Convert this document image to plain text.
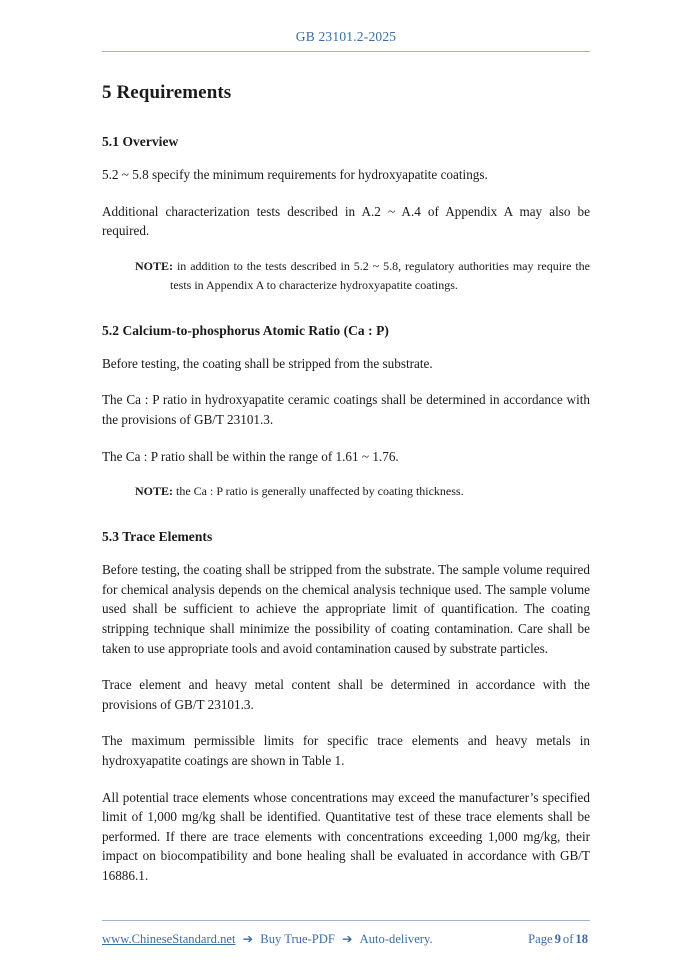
GB 23101.2-2025
5 Requirements
5.1 Overview

5.2 ~ 5.8 specify the minimum requirements for hydroxyapatite coatings.

Additional characterization tests described in A.2 ~ A.4 of Appendix A may also be required.

NOTE: in addition to the tests described in 5.2 ~ 5.8, regulatory authorities may require the tests in Appendix A to characterize hydroxyapatite coatings.

5.2 Calcium-to-phosphorus Atomic Ratio (Ca : P)

Before testing, the coating shall be stripped from the substrate.

The Ca : P ratio in hydroxyapatite ceramic coatings shall be determined in accordance with the provisions of GB/T 23101.3.

The Ca : P ratio shall be within the range of 1.61 ~ 1.76.

NOTE: the Ca : P ratio is generally unaffected by coating thickness.

5.3 Trace Elements

Before testing, the coating shall be stripped from the substrate. The sample volume required for chemical analysis depends on the chemical analysis technique used. The sample volume used shall be sufficient to achieve the appropriate limit of quantification. The coating stripping technique shall minimize the possibility of coating contamination. Care shall be taken to use appropriate tools and avoid contamination caused by substrate particles.

Trace element and heavy metal content shall be determined in accordance with the provisions of GB/T 23101.3.

The maximum permissible limits for specific trace elements and heavy metals in hydroxyapatite coatings are shown in Table 1.

All potential trace elements whose concentrations may exceed the manufacturer’s specified limit of 1,000 mg/kg shall be identified. Quantitative test of these trace elements shall be performed. If there are trace elements with concentrations exceeding 1,000 mg/kg, their impact on biocompatibility and bone healing shall be evaluated in accordance with GB/T 16886.1.

www.ChineseStandard.net ➔ Buy True-PDF ➔ Auto-delivery.	Page 9 of 18
